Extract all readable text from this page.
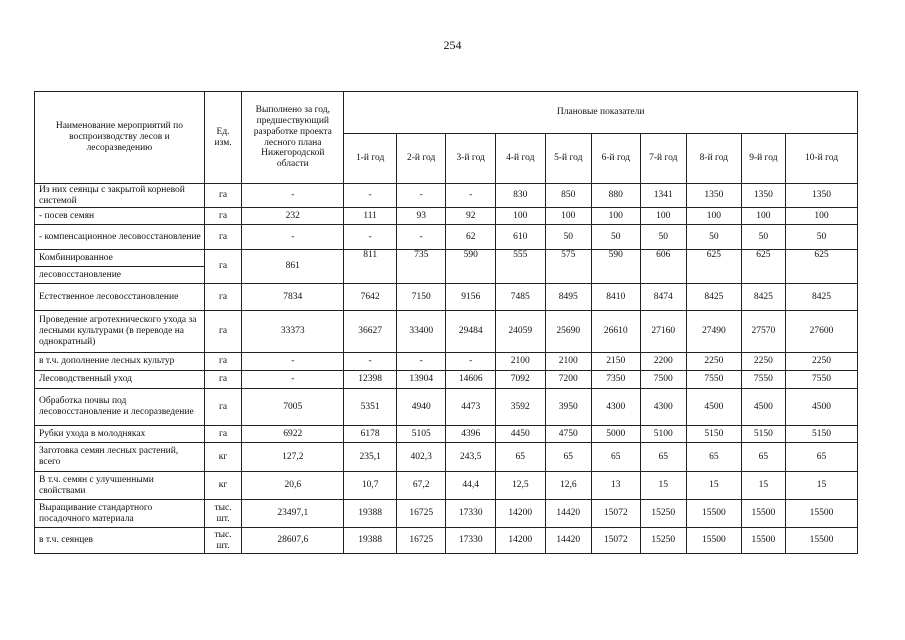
254
Наименование мероприятий по воспроизводству лесов и лесоразведению	Ед. изм.	Выполнено за год, предшествующий разработке проекта лесного плана Нижегородской области	Плановые показатели									
			1-й год	2-й год	3-й год	4-й год	5-й год	6-й год	7-й год	8-й год	9-й год	10-й год
Из них сеянцы с закрытой корневой системой	га	-	-	-	-	830	850	880	1341	1350	1350	1350
- посев семян	га	232	111	93	92	100	100	100	100	100	100	100
- компенсационное лесовосстановление	га	-	-	-	62	610	50	50	50	50	50	50
Комбинированное	га	861	811	735	590	555	575	590	606	625	625	625
лесовосстановление												
Естественное лесовосстановление	га	7834	7642	7150	9156	7485	8495	8410	8474	8425	8425	8425
Проведение агротехнического ухода за лесными культурами (в переводе на однократный)	га	33373	36627	33400	29484	24059	25690	26610	27160	27490	27570	27600
в т.ч. дополнение лесных культур	га	-	-	-	-	2100	2100	2150	2200	2250	2250	2250
Лесоводственный уход	га	-	12398	13904	14606	7092	7200	7350	7500	7550	7550	7550
Обработка почвы под лесовосстановление и лесоразведение	га	7005	5351	4940	4473	3592	3950	4300	4300	4500	4500	4500
Рубки ухода в молодняках	га	6922	6178	5105	4396	4450	4750	5000	5100	5150	5150	5150
Заготовка семян лесных растений, всего	кг	127,2	235,1	402,3	243,5	65	65	65	65	65	65	65
В т.ч. семян с улучшенными свойствами	кг	20,6	10,7	67,2	44,4	12,5	12,6	13	15	15	15	15
Выращивание стандартного посадочного материала	тыс. шт.	23497,1	19388	16725	17330	14200	14420	15072	15250	15500	15500	15500
в т.ч. сеянцев	тыс. шт.	28607,6	19388	16725	17330	14200	14420	15072	15250	15500	15500	15500
